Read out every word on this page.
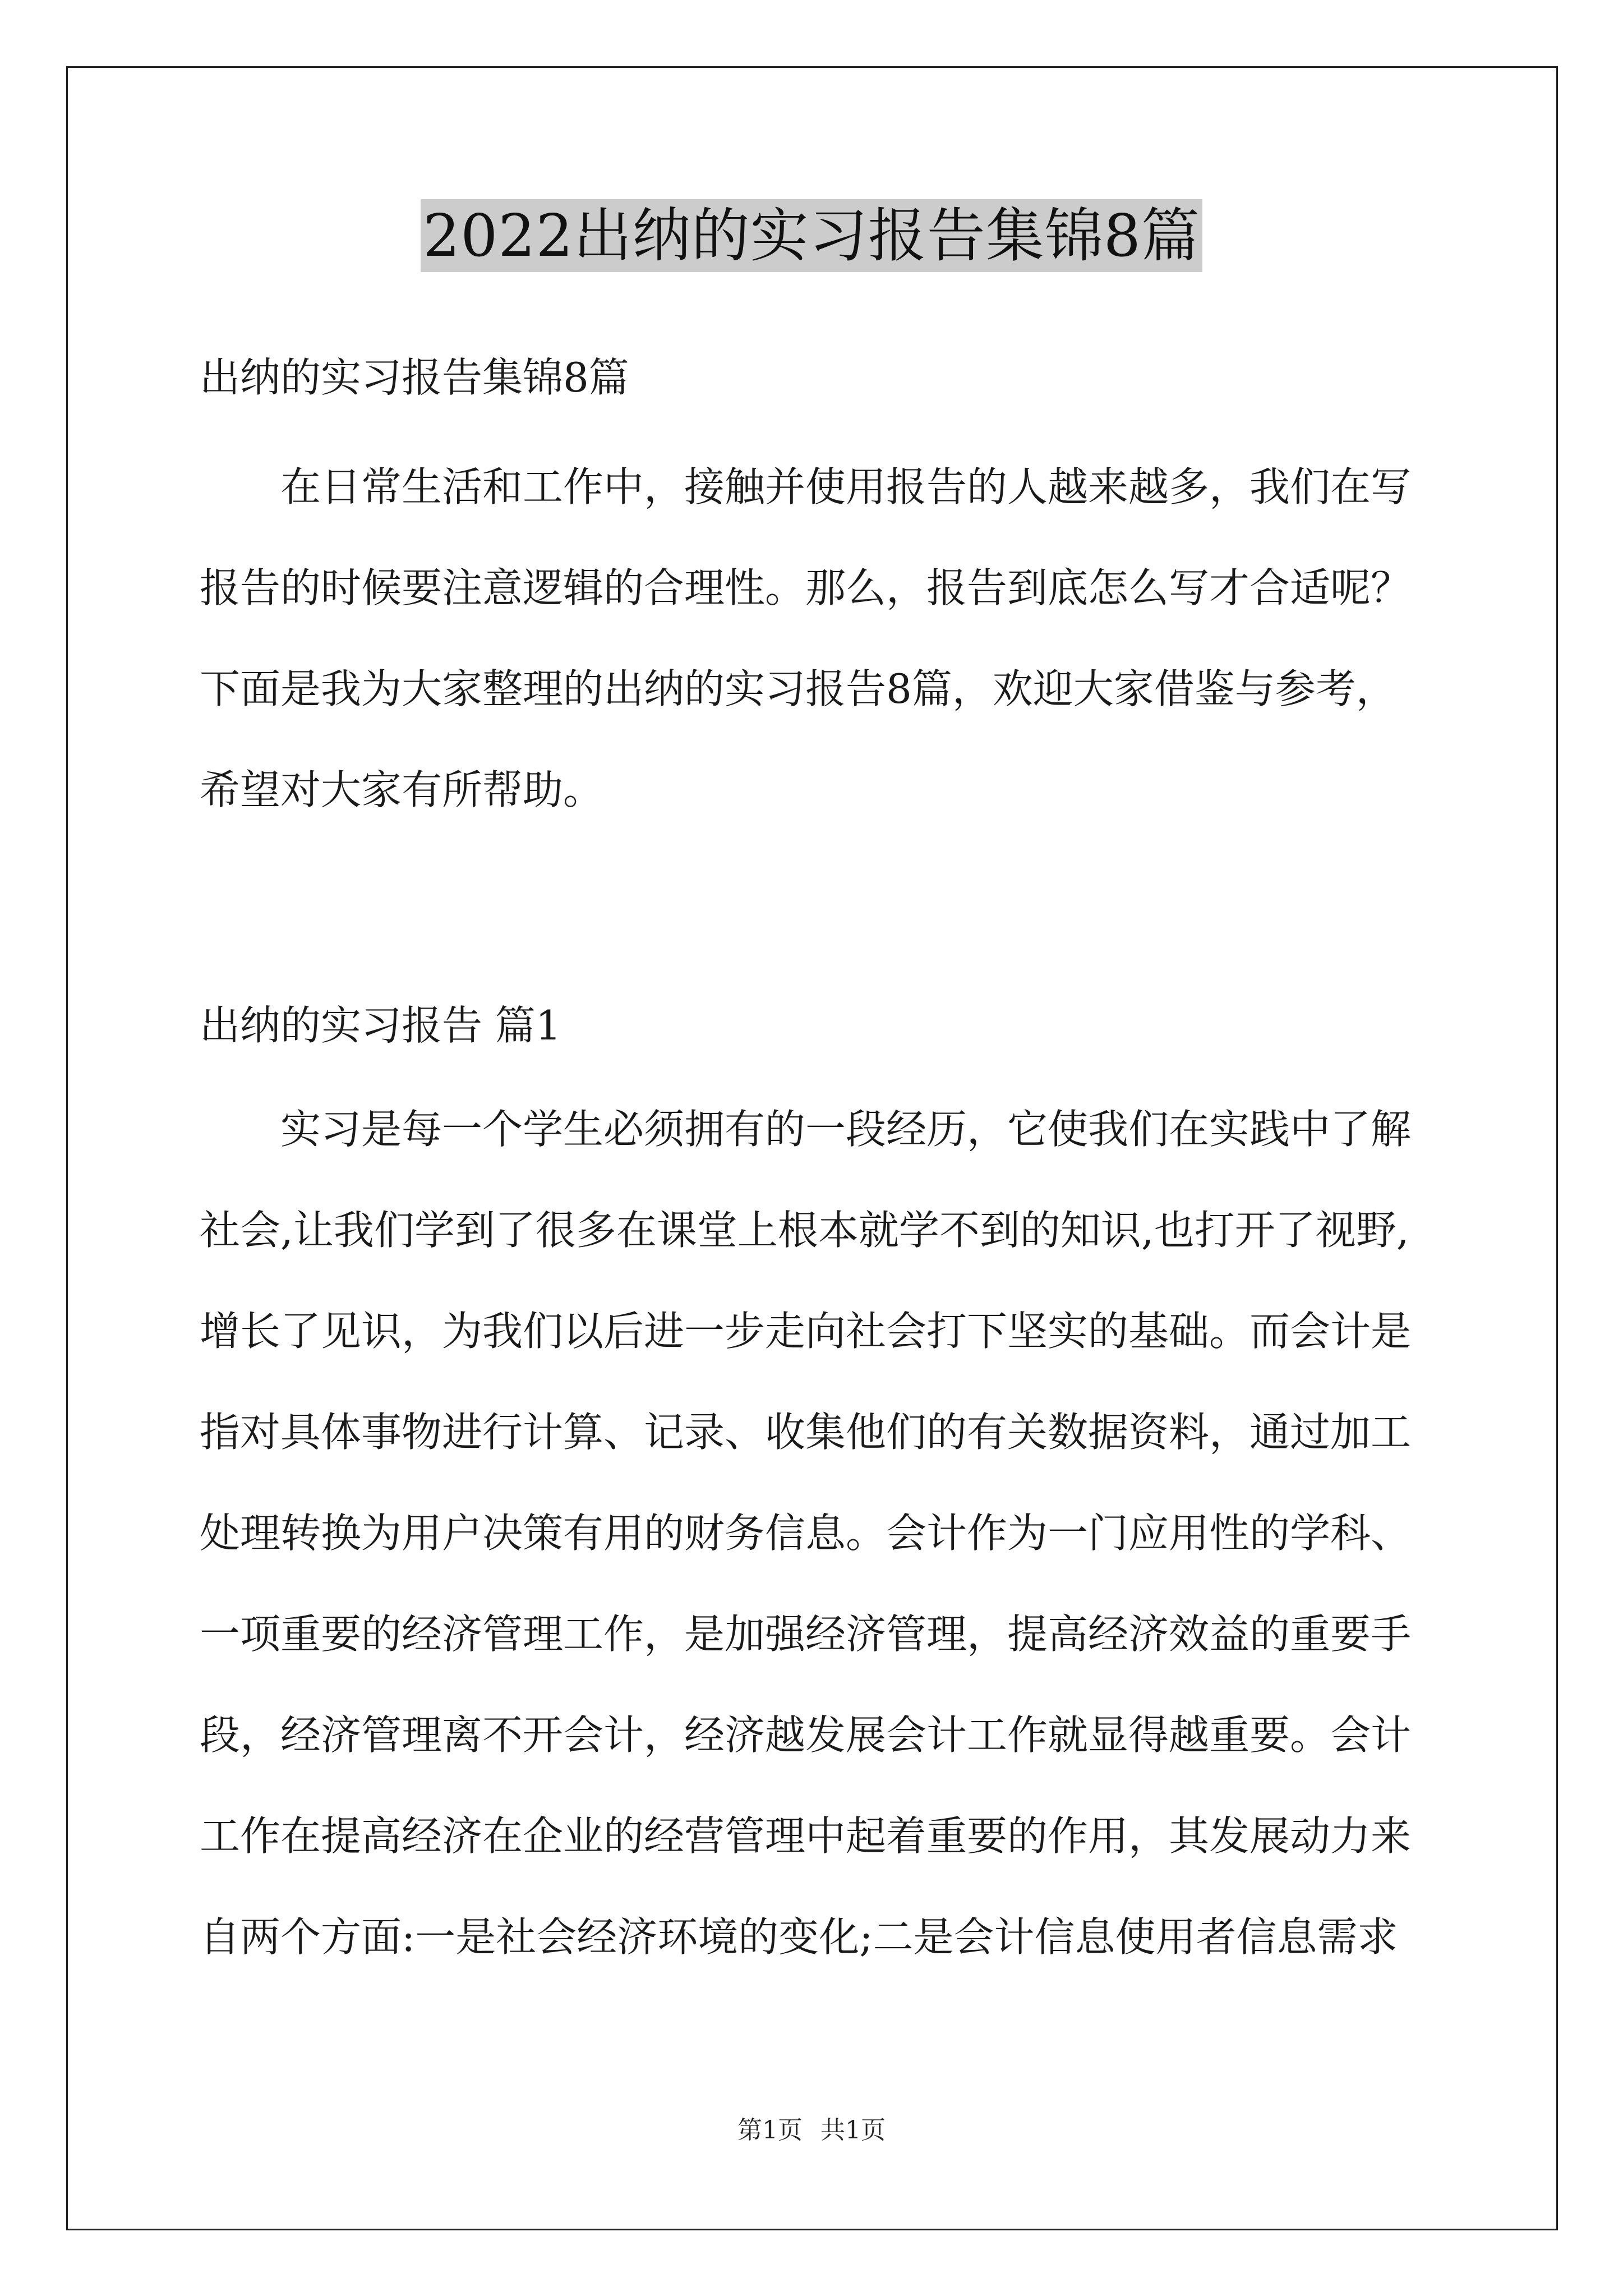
2022出纳的实习报告集锦8篇
出纳的实习报告集锦8篇
　　在日常生活和工作中，接触并使用报告的人越来越多，我们在写
报告的时候要注意逻辑的合理性。那么，报告到底怎么写才合适呢？
下面是我为大家整理的出纳的实习报告8篇，欢迎大家借鉴与参考，
希望对大家有所帮助。
出纳的实习报告 篇1
　　实习是每一个学生必须拥有的一段经历，它使我们在实践中了解
社会,让我们学到了很多在课堂上根本就学不到的知识,也打开了视野,
增长了见识，为我们以后进一步走向社会打下坚实的基础。而会计是
指对具体事物进行计算、记录、收集他们的有关数据资料，通过加工
处理转换为用户决策有用的财务信息。会计作为一门应用性的学科、
一项重要的经济管理工作，是加强经济管理，提高经济效益的重要手
段，经济管理离不开会计，经济越发展会计工作就显得越重要。会计
工作在提高经济在企业的经营管理中起着重要的作用，其发展动力来
自两个方面:一是社会经济环境的变化;二是会计信息使用者信息需求
第1页 共1页
